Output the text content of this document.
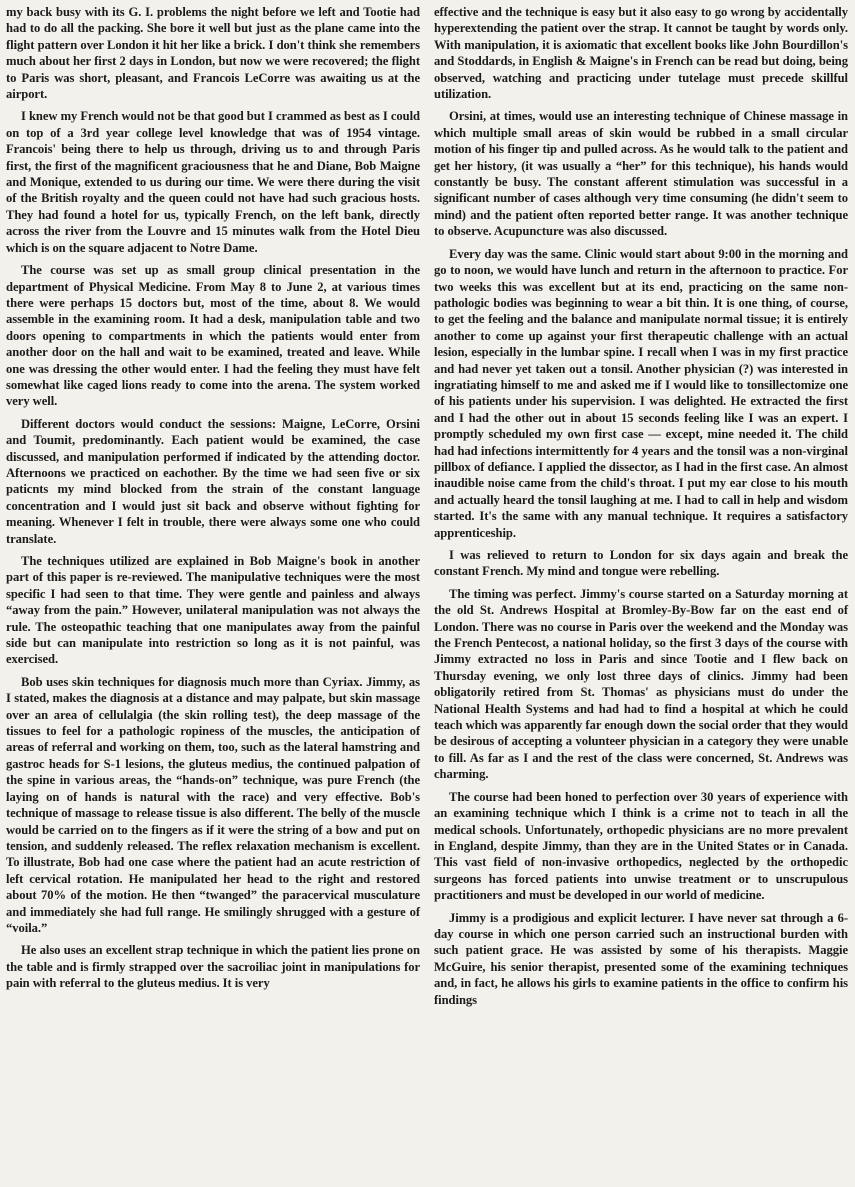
my back busy with its G. I. problems the night before we left and Tootie had had to do all the packing. She bore it well but just as the plane came into the flight pattern over London it hit her like a brick. I don't think she remembers much about her first 2 days in London, but now we were recovered; the flight to Paris was short, pleasant, and Francois LeCorre was awaiting us at the airport.

I knew my French would not be that good but I crammed as best as I could on top of a 3rd year college level knowledge that was of 1954 vintage. Francois' being there to help us through, driving us to and through Paris first, the first of the magnificent graciousness that he and Diane, Bob Maigne and Monique, extended to us during our time. We were there during the visit of the British royalty and the queen could not have had such gracious hosts. They had found a hotel for us, typically French, on the left bank, directly across the river from the Louvre and 15 minutes walk from the Hotel Dieu which is on the square adjacent to Notre Dame.

The course was set up as small group clinical presentation in the department of Physical Medicine. From May 8 to June 2, at various times there were perhaps 15 doctors but, most of the time, about 8. We would assemble in the examining room. It had a desk, manipulation table and two doors opening to compartments in which the patients would enter from another door on the hall and wait to be examined, treated and leave. While one was dressing the other would enter. I had the feeling they must have felt somewhat like caged lions ready to come into the arena. The system worked very well.

Different doctors would conduct the sessions: Maigne, LeCorre, Orsini and Toumit, predominantly. Each patient would be examined, the case discussed, and manipulation performed if indicated by the attending doctor. Afternoons we practiced on eachother. By the time we had seen five or six paticnts my mind blocked from the strain of the constant language concentration and I would just sit back and observe without fighting for meaning. Whenever I felt in trouble, there were always some one who could translate.

The techniques utilized are explained in Bob Maigne's book in another part of this paper is re-reviewed. The manipulative techniques were the most specific I had seen to that time. They were gentle and painless and always “away from the pain.” However, unilateral manipulation was not always the rule. The osteopathic teaching that one manipulates away from the painful side but can manipulate into restriction so long as it is not painful, was exercised.

Bob uses skin techniques for diagnosis much more than Cyriax. Jimmy, as I stated, makes the diagnosis at a distance and may palpate, but skin massage over an area of cellulalgia (the skin rolling test), the deep massage of the tissues to feel for a pathologic ropiness of the muscles, the anticipation of areas of referral and working on them, too, such as the lateral hamstring and gastroc heads for S-1 lesions, the gluteus medius, the continued palpation of the spine in various areas, the “hands-on” technique, was pure French (the laying on of hands is natural with the race) and very effective. Bob's technique of massage to release tissue is also different. The belly of the muscle would be carried on to the fingers as if it were the string of a bow and put on tension, and suddenly released. The reflex relaxation mechanism is excellent. To illustrate, Bob had one case where the patient had an acute restriction of left cervical rotation. He manipulated her head to the right and restored about 70% of the motion. He then “twanged” the paracervical musculature and immediately she had full range. He smilingly shrugged with a gesture of “voila.”

He also uses an excellent strap technique in which the patient lies prone on the table and is firmly strapped over the sacroiliac joint in manipulations for pain with referral to the gluteus medius. It is very

effective and the technique is easy but it also easy to go wrong by accidentally hyperextending the patient over the strap. It cannot be taught by words only. With manipulation, it is axiomatic that excellent books like John Bourdillon's and Stoddards, in English & Maigne's in French can be read but doing, being observed, watching and practicing under tutelage must precede skillful utilization.

Orsini, at times, would use an interesting technique of Chinese massage in which multiple small areas of skin would be rubbed in a small circular motion of his finger tip and pulled across. As he would talk to the patient and get her history, (it was usually a “her” for this technique), his hands would constantly be busy. The constant afferent stimulation was successful in a significant number of cases although very time consuming (he didn't seem to mind) and the patient often reported better range. It was another technique to observe. Acupuncture was also discussed.

Every day was the same. Clinic would start about 9:00 in the morning and go to noon, we would have lunch and return in the afternoon to practice. For two weeks this was excellent but at its end, practicing on the same non-pathologic bodies was beginning to wear a bit thin. It is one thing, of course, to get the feeling and the balance and manipulate normal tissue; it is entirely another to come up against your first therapeutic challenge with an actual lesion, especially in the lumbar spine. I recall when I was in my first practice and had never yet taken out a tonsil. Another physician (?) was interested in ingratiating himself to me and asked me if I would like to tonsillectomize one of his patients under his supervision. I was delighted. He extracted the first and I had the other out in about 15 seconds feeling like I was an expert. I promptly scheduled my own first case — except, mine needed it. The child had had infections intermittently for 4 years and the tonsil was a non-virginal pillbox of defiance. I applied the dissector, as I had in the first case. An almost inaudible noise came from the child's throat. I put my ear close to his mouth and actually heard the tonsil laughing at me. I had to call in help and wisdom started. It's the same with any manual technique. It requires a satisfactory apprenticeship.

I was relieved to return to London for six days again and break the constant French. My mind and tongue were rebelling.

The timing was perfect. Jimmy's course started on a Saturday morning at the old St. Andrews Hospital at Bromley-By-Bow far on the east end of London. There was no course in Paris over the weekend and the Monday was the French Pentecost, a national holiday, so the first 3 days of the course with Jimmy extracted no loss in Paris and since Tootie and I flew back on Thursday evening, we only lost three days of clinics. Jimmy had been obligatorily retired from St. Thomas' as physicians must do under the National Health Systems and had had to find a hospital at which he could teach which was apparently far enough down the social order that they would be desirous of accepting a volunteer physician in a category they were unable to fill. As far as I and the rest of the class were concerned, St. Andrews was charming.

The course had been honed to perfection over 30 years of experience with an examining technique which I think is a crime not to teach in all the medical schools. Unfortunately, orthopedic physicians are no more prevalent in England, despite Jimmy, than they are in the United States or in Canada. This vast field of non-invasive orthopedics, neglected by the orthopedic surgeons has forced patients into unwise treatment or to unscrupulous practitioners and must be developed in our world of medicine.

Jimmy is a prodigious and explicit lecturer. I have never sat through a 6-day course in which one person carried such an instructional burden with such patient grace. He was assisted by some of his therapists. Maggie McGuire, his senior therapist, presented some of the examining techniques and, in fact, he allows his girls to examine patients in the office to confirm his findings
